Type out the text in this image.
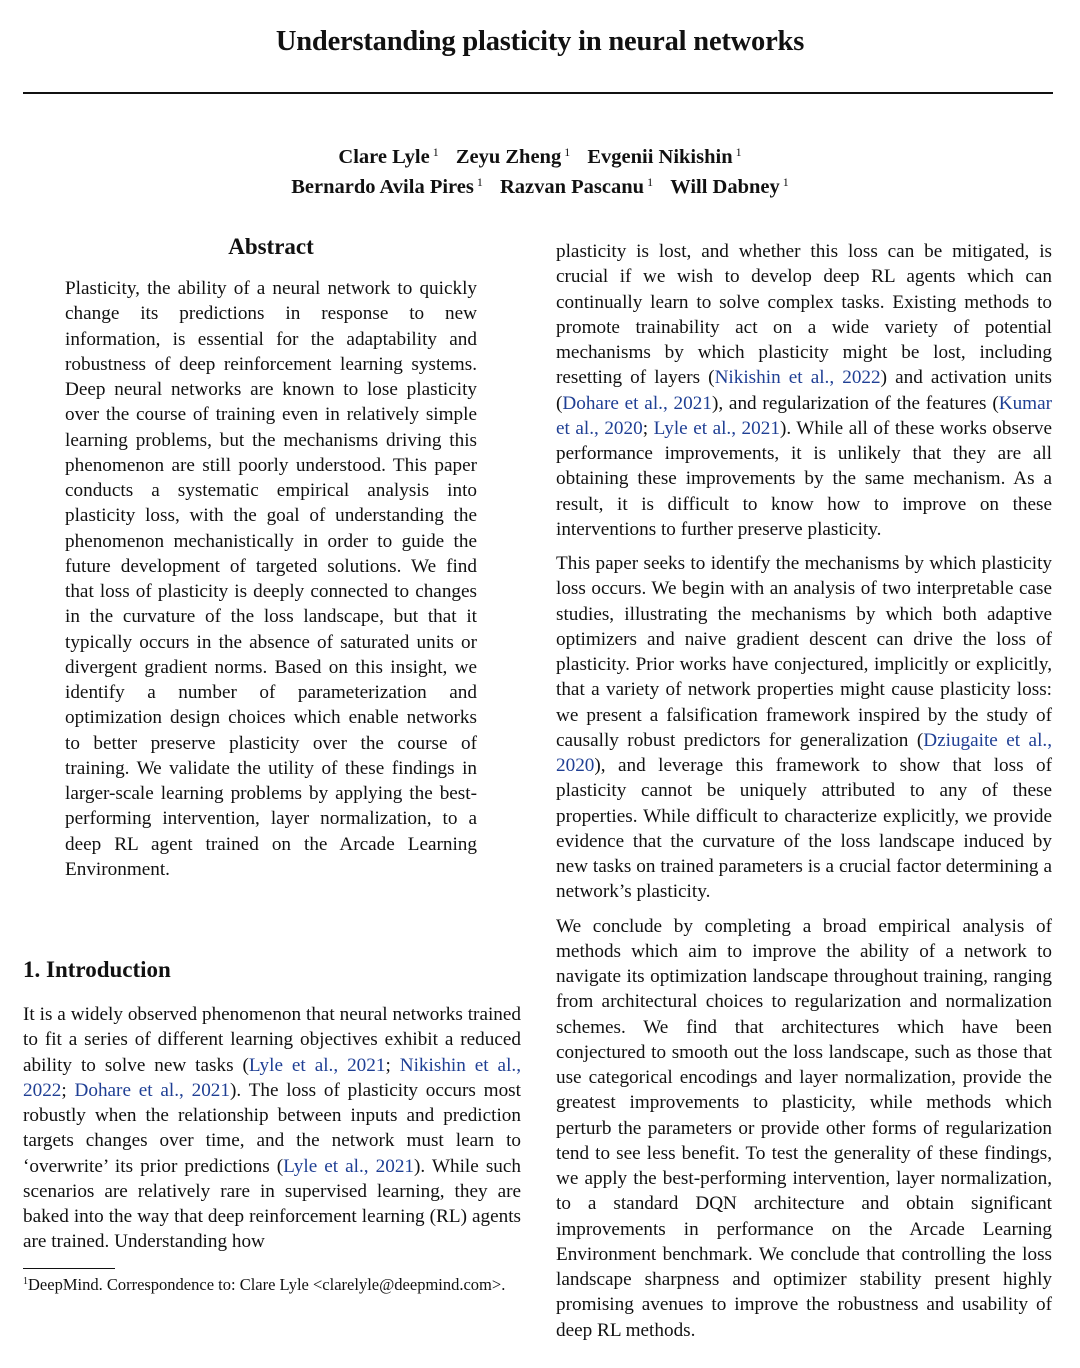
Understanding plasticity in neural networks
Clare Lyle $^1$ Zeyu Zheng $^1$ Evgenii Nikishin $^1$
Bernardo Avila Pires $^1$ Razvan Pascanu $^1$ Will Dabney $^1$
Abstract

Plasticity, the ability of a neural network to quickly change its predictions in response to new information, is essential for the adaptability and robustness of deep reinforcement learning systems. Deep neural networks are known to lose plasticity over the course of training even in relatively simple learning problems, but the mechanisms driving this phenomenon are still poorly understood. This paper conducts a systematic empirical analysis into plasticity loss, with the goal of understanding the phenomenon mechanistically in order to guide the future development of targeted solutions. We find that loss of plasticity is deeply connected to changes in the curvature of the loss landscape, but that it typically occurs in the absence of saturated units or divergent gradient norms. Based on this insight, we identify a number of parameterization and optimization design choices which enable networks to better preserve plasticity over the course of training. We validate the utility of these findings in larger-scale learning problems by applying the best-performing intervention, layer normalization, to a deep RL agent trained on the Arcade Learning Environment.

1. Introduction

It is a widely observed phenomenon that neural networks trained to fit a series of different learning objectives exhibit a reduced ability to solve new tasks (Lyle et al., 2021; Nikishin et al., 2022; Dohare et al., 2021). The loss of plasticity occurs most robustly when the relationship between inputs and prediction targets changes over time, and the network must learn to ‘overwrite’ its prior predictions (Lyle et al., 2021). While such scenarios are relatively rare in supervised learning, they are baked into the way that deep reinforcement learning (RL) agents are trained. Understanding how

$^1$DeepMind. Correspondence to: Clare Lyle <clarelyle@deepmind.com>.

plasticity is lost, and whether this loss can be mitigated, is crucial if we wish to develop deep RL agents which can continually learn to solve complex tasks. Existing methods to promote trainability act on a wide variety of potential mechanisms by which plasticity might be lost, including resetting of layers (Nikishin et al., 2022) and activation units (Dohare et al., 2021), and regularization of the features (Kumar et al., 2020; Lyle et al., 2021). While all of these works observe performance improvements, it is unlikely that they are all obtaining these improvements by the same mechanism. As a result, it is difficult to know how to improve on these interventions to further preserve plasticity.

This paper seeks to identify the mechanisms by which plasticity loss occurs. We begin with an analysis of two interpretable case studies, illustrating the mechanisms by which both adaptive optimizers and naive gradient descent can drive the loss of plasticity. Prior works have conjectured, implicitly or explicitly, that a variety of network properties might cause plasticity loss: we present a falsification framework inspired by the study of causally robust predictors for generalization (Dziugaite et al., 2020), and leverage this framework to show that loss of plasticity cannot be uniquely attributed to any of these properties. While difficult to characterize explicitly, we provide evidence that the curvature of the loss landscape induced by new tasks on trained parameters is a crucial factor determining a network’s plasticity.

We conclude by completing a broad empirical analysis of methods which aim to improve the ability of a network to navigate its optimization landscape throughout training, ranging from architectural choices to regularization and normalization schemes. We find that architectures which have been conjectured to smooth out the loss landscape, such as those that use categorical encodings and layer normalization, provide the greatest improvements to plasticity, while methods which perturb the parameters or provide other forms of regularization tend to see less benefit. To test the generality of these findings, we apply the best-performing intervention, layer normalization, to a standard DQN architecture and obtain significant improvements in performance on the Arcade Learning Environment benchmark. We conclude that controlling the loss landscape sharpness and optimizer stability present highly promising avenues to improve the robustness and usability of deep RL methods.
